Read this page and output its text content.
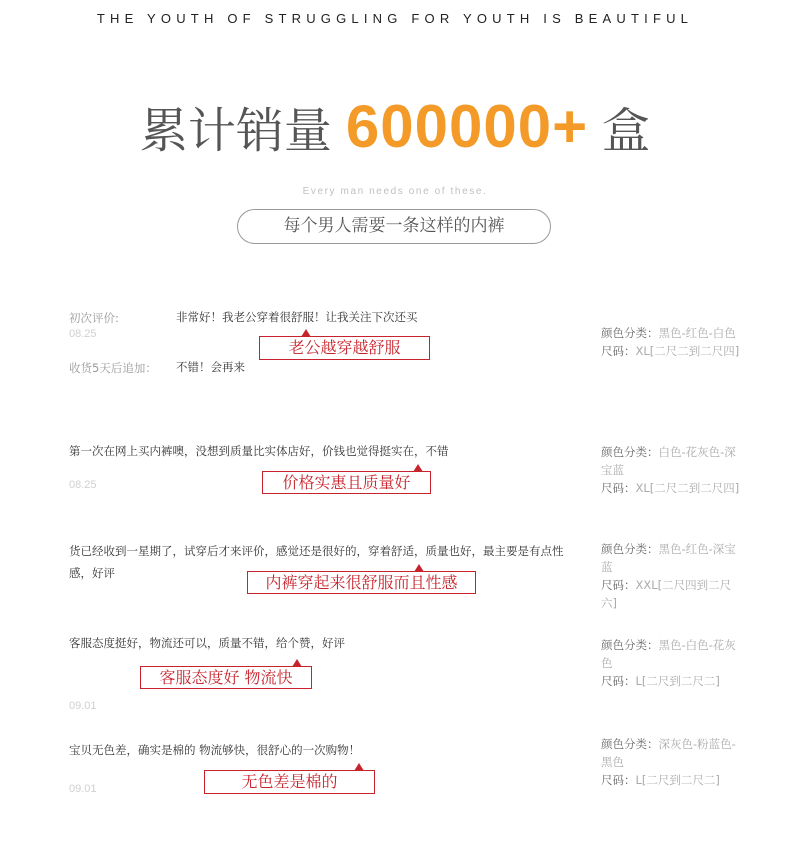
THE YOUTH OF STRUGGLING FOR YOUTH IS BEAUTIFUL
累计销量 600000+ 盒
Every man needs one of these.
每个男人需要一条这样的内裤
初次评价:
08.25
非常好！我老公穿着很舒服！让我关注下次还买
老公越穿越舒服
收货5天后追加： 不错！会再来
颜色分类：黑色-红色-白色
尺码：XL[二尺二到二尺四]
第一次在网上买内裤噢，没想到质量比实体店好，价钱也觉得挺实在，不错
08.25	价格实惠且质量好
颜色分类：白色-花灰色-深宝蓝
尺码：XL[二尺二到二尺四]
货已经收到一星期了，试穿后才来评价，感觉还是很好的，穿着舒适，质量也好，最主要是有点性感，好评	内裤穿起来很舒服而且性感
颜色分类：黑色-红色-深宝蓝
尺码：XXL[二尺四到二尺六]
客服态度挺好，物流还可以，质量不错，给个赞，好评
客服态度好 物流快
09.01
颜色分类：黑色-白色-花灰色
尺码：L[二尺到二尺二]
宝贝无色差，确实是棉的 物流够快，很舒心的一次购物！
无色差是棉的
09.01
颜色分类：深灰色-粉蓝色-黑色
尺码：L[二尺到二尺二]
